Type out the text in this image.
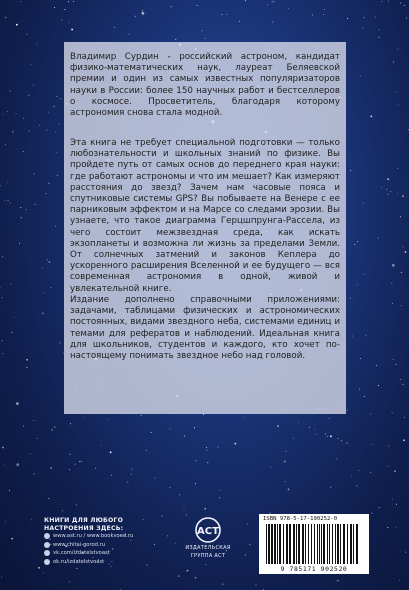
Владимир Сурдин - российский астроном, кандидат физико-математических наук, лауреат Беляевской премии и один из самых известных популяризаторов науки в России: более 150 научных работ и бестселлеров о космосе. Просветитель, благодаря которому астрономия снова стала модной.

Эта книга не требует специальной подготовки — только любознательности и школьных знаний по физике. Вы пройдете путь от самых основ до переднего края науки: где работают астрономы и что им мешает? Как измеряют расстояния до звезд? Зачем нам часовые пояса и спутниковые системы GPS? Вы побываете на Венере с ее парниковым эффектом и на Марсе со следами эрозии. Вы узнаете, что такое диаграмма Герцшпрунга-Рассела, из чего состоит межзвездная среда, как искать экзопланеты и возможна ли жизнь за пределами Земли. От солнечных затмений и законов Кеплера до ускоренного расширения Вселенной и ее будущего — вся современная астрономия в одной, живой и увлекательной книге.

Издание дополнено справочными приложениями: задачами, таблицами физических и астрономических постоянных, видами звездного неба, системами единиц и темами для рефератов и наблюдений. Идеальная книга для школьников, студентов и каждого, кто хочет по-настоящему понимать звездное небо над головой.

КНИГИ ДЛЯ ЛЮБОГО
НАСТРОЕНИЯ ЗДЕСЬ:
www.ast.ru / www.bookvoed.ru
www.chitai-gorod.ru
vk.com/izdatelstvoast
ok.ru/izdatelstvoast
ACT
ИЗДАТЕЛЬСКАЯ
ГРУППА АСТ
ISBN 978-5-17-190252-0
9 785171 902520
